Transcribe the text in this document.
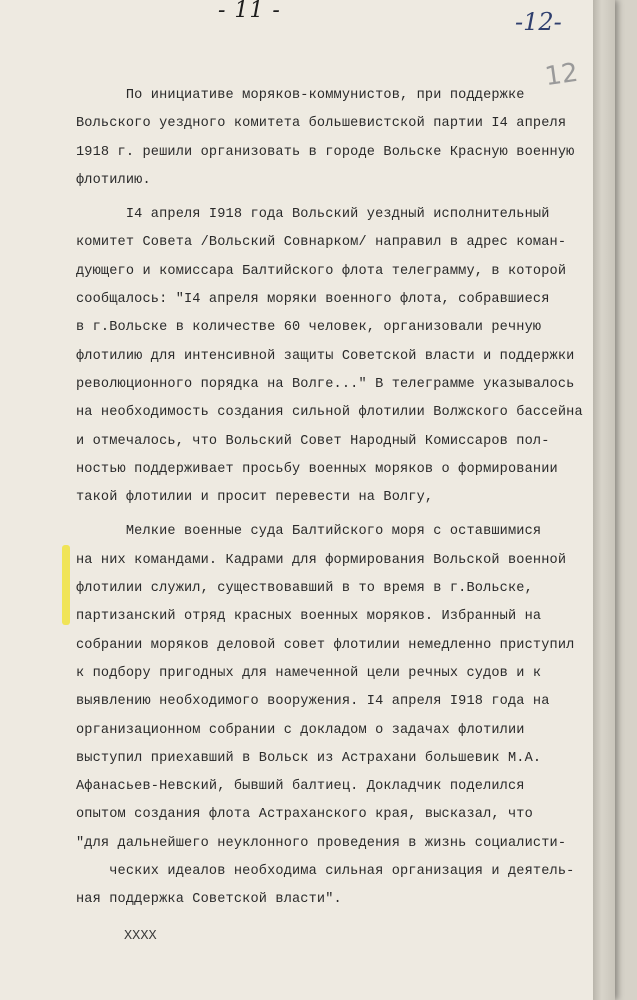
- 11 -	-12-
12
По инициативе моряков-коммунистов, при поддержке
Вольского уездного комитета большевистской партии I4 апреля
1918 г. решили организовать в городе Вольске Красную военную
флотилию.
I4 апреля I918 года Вольский уездный исполнительный
комитет Совета /Вольский Совнарком/ направил в адрес коман-
дующего и комиссара Балтийского флота телеграмму, в которой
сообщалось: "I4 апреля моряки военного флота, собравшиеся
в г.Вольске в количестве 60 человек, организовали речную
флотилию для интенсивной защиты Советской власти и поддержки
революционного порядка на Волге..." В телеграмме указывалось
на необходимость создания сильной флотилии Волжского бассейна
и отмечалось, что Вольский Совет Народный Комиссаров пол-
ностью поддерживает просьбу военных моряков о формировании
такой флотилии и просит перевести на Волгу,
Мелкие военные суда Балтийского моря с оставшимися
на них командами. Кадрами для формирования Вольской военной
флотилии служил, существовавший в то время в г.Вольске,
партизанский отряд красных военных моряков. Избранный на
собрании моряков деловой совет флотилии немедленно приступил
к подбору пригодных для намеченной цели речных судов и к
выявлению необходимого вооружения. I4 апреля I918 года на
организационном собрании с докладом о задачах флотилии
выступил приехавший в Вольск из Астрахани большевик М.А.
Афанасьев-Невский, бывший балтиец. Докладчик поделился
опытом создания флота Астраханского края, высказал, что
"для дальнейшего неуклонного проведения в жизнь социалисти-
ческих идеалов необходима сильная организация и деятель-
ная поддержка Советской власти".
ХXXX
